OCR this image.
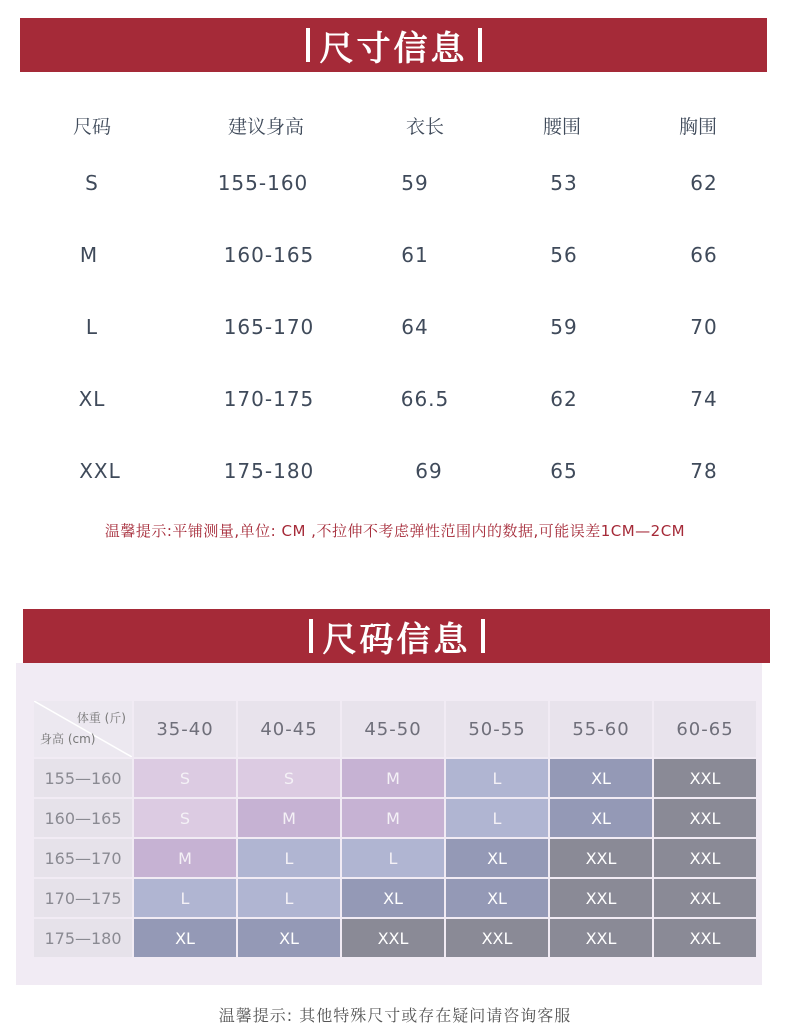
尺寸信息
尺码	建议身高	衣长	腰围	胸围
S	155-160	59	53	62
M	160-165	61	56	66
L	165-170	64	59	70
XL	170-175	66.5	62	74
XXL	175-180	69	65	78
温馨提示:平铺测量,单位: CM ,不拉伸不考虑弹性范围内的数据,可能误差1CM—2CM
尺码信息
体重 (斤)
身高 (cm)	35-40	40-45	45-50	50-55	55-60	60-65
155—160	S	S	M	L	XL	XXL
160—165	S	M	M	L	XL	XXL
165—170	M	L	L	XL	XXL	XXL
170—175	L	L	XL	XL	XXL	XXL
175—180	XL	XL	XXL	XXL	XXL	XXL
温馨提示: 其他特殊尺寸或存在疑问请咨询客服
